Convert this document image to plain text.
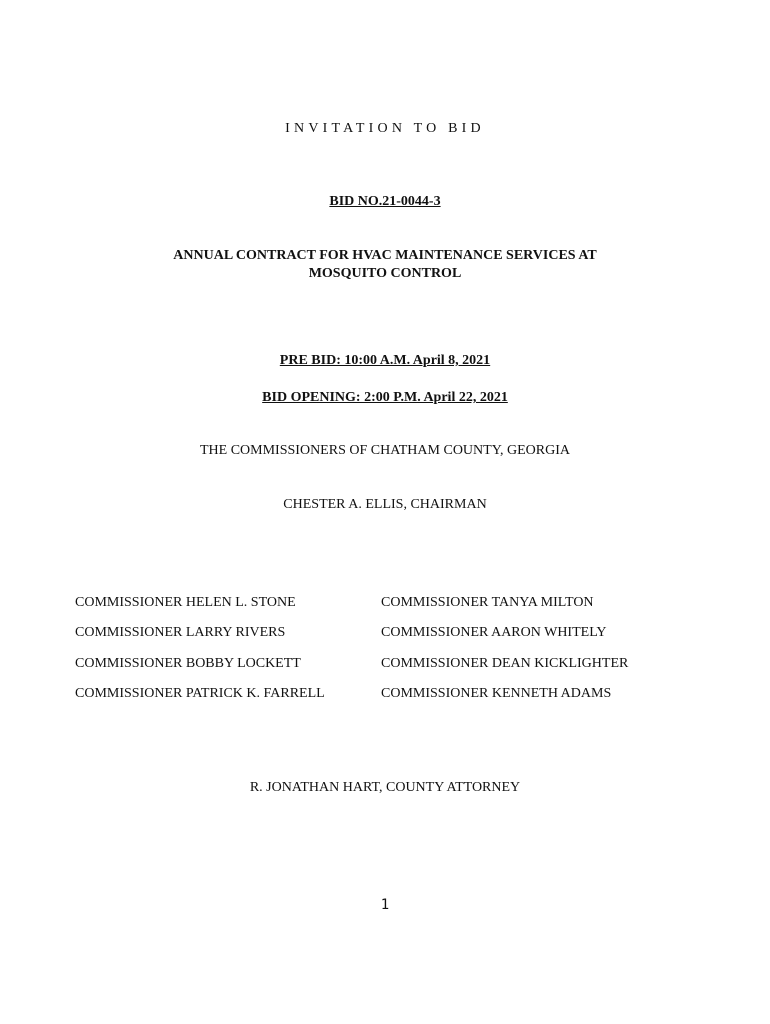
INVITATION TO BID
BID NO.21-0044-3
ANNUAL CONTRACT FOR HVAC MAINTENANCE SERVICES AT
MOSQUITO CONTROL
PRE BID: 10:00 A.M. April 8, 2021
BID OPENING: 2:00 P.M. April 22, 2021
THE COMMISSIONERS OF CHATHAM COUNTY, GEORGIA
CHESTER A. ELLIS, CHAIRMAN
COMMISSIONER HELEN L. STONE
COMMISSIONER LARRY RIVERS
COMMISSIONER BOBBY LOCKETT
COMMISSIONER PATRICK K. FARRELL
COMMISSIONER TANYA MILTON
COMMISSIONER AARON WHITELY
COMMISSIONER DEAN KICKLIGHTER
COMMISSIONER KENNETH ADAMS
R. JONATHAN HART, COUNTY ATTORNEY
1
